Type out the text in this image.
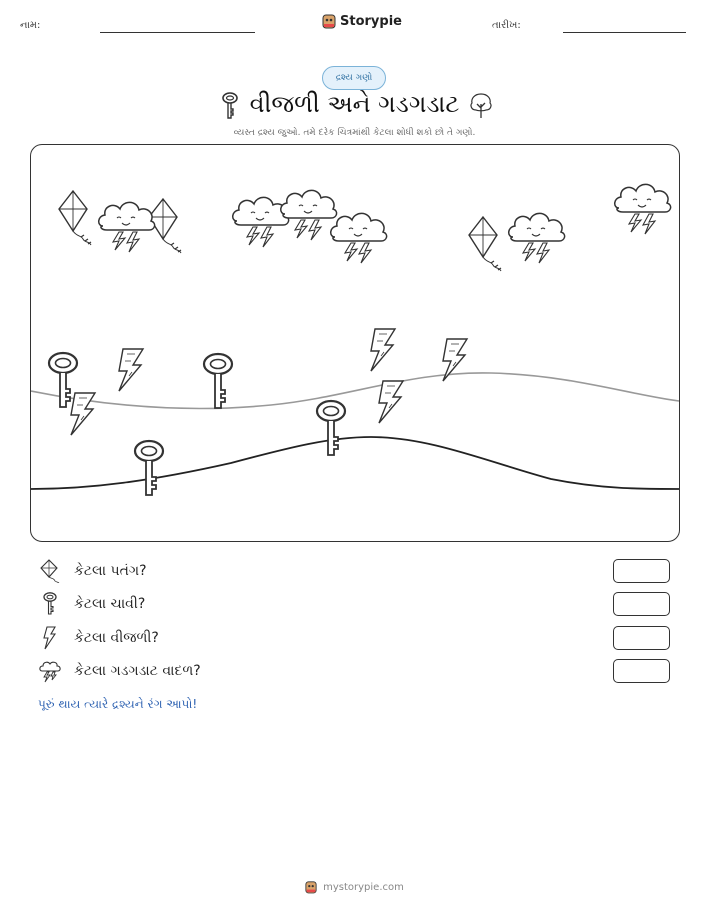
નામ:	Storypie	તારીખ:
દ્રશ્ય ગણો
વીજળી અને ગડગડાટ
વ્યસ્ત દ્રશ્ય જુઓ. તમે દરેક ચિત્રમાંથી કેટલા શોધી શકો છો તે ગણો.
કેટલા પતંગ?
કેટલા ચાવી?
કેટલા વીજળી?
કેટલા ગડગડાટ વાદળ?
પૂરું થાય ત્યારે દ્રશ્યને રંગ આપો!
mystorypie.com
